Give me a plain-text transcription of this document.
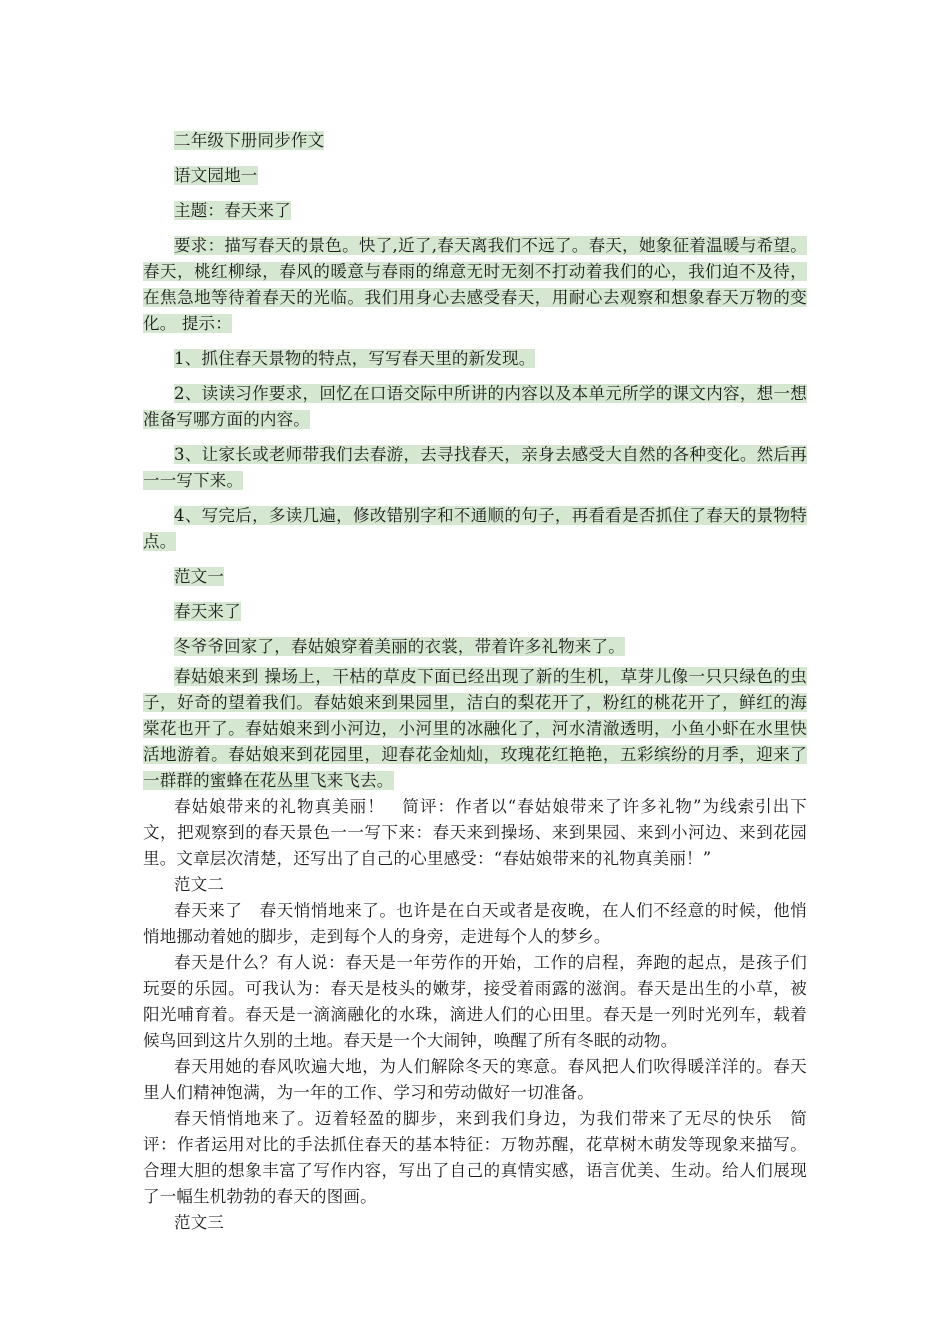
二年级下册同步作文

语文园地一

主题：春天来了

要求：描写春天的景色。快了,近了,春天离我们不远了。春天，她象征着温暖与希望。春天，桃红柳绿，春风的暖意与春雨的绵意无时无刻不打动着我们的心，我们迫不及待，在焦急地等待着春天的光临。我们用身心去感受春天，用耐心去观察和想象春天万物的变化。 提示：

1、抓住春天景物的特点，写写春天里的新发现。

2、读读习作要求，回忆在口语交际中所讲的内容以及本单元所学的课文内容，想一想准备写哪方面的内容。

3、让家长或老师带我们去春游，去寻找春天，亲身去感受大自然的各种变化。然后再一一写下来。

4、写完后，多读几遍，修改错别字和不通顺的句子，再看看是否抓住了春天的景物特点。

范文一

春天来了

冬爷爷回家了，春姑娘穿着美丽的衣裳，带着许多礼物来了。

春姑娘来到 操场上，干枯的草皮下面已经出现了新的生机，草芽儿像一只只绿色的虫子，好奇的望着我们。春姑娘来到果园里，洁白的梨花开了，粉红的桃花开了，鲜红的海棠花也开了。春姑娘来到小河边，小河里的冰融化了，河水清澈透明，小鱼小虾在水里快活地游着。春姑娘来到花园里，迎春花金灿灿，玫瑰花红艳艳，五彩缤纷的月季，迎来了一群群的蜜蜂在花丛里飞来飞去。

春姑娘带来的礼物真美丽！　简评：作者以“春姑娘带来了许多礼物”为线索引出下文，把观察到的春天景色一一写下来：春天来到操场、来到果园、来到小河边、来到花园里。文章层次清楚，还写出了自己的心里感受：“春姑娘带来的礼物真美丽！”

范文二

春天来了　春天悄悄地来了。也许是在白天或者是夜晚，在人们不经意的时候，他悄悄地挪动着她的脚步，走到每个人的身旁，走进每个人的梦乡。

春天是什么？有人说：春天是一年劳作的开始，工作的启程，奔跑的起点，是孩子们玩耍的乐园。可我认为：春天是枝头的嫩芽，接受着雨露的滋润。春天是出生的小草，被阳光哺育着。春天是一滴滴融化的水珠，滴进人们的心田里。春天是一列时光列车，载着候鸟回到这片久别的土地。春天是一个大闹钟，唤醒了所有冬眠的动物。

春天用她的春风吹遍大地，为人们解除冬天的寒意。春风把人们吹得暖洋洋的。春天里人们精神饱满，为一年的工作、学习和劳动做好一切准备。

春天悄悄地来了。迈着轻盈的脚步，来到我们身边，为我们带来了无尽的快乐　简评：作者运用对比的手法抓住春天的基本特征：万物苏醒，花草树木萌发等现象来描写。合理大胆的想象丰富了写作内容，写出了自己的真情实感，语言优美、生动。给人们展现了一幅生机勃勃的春天的图画。

范文三
